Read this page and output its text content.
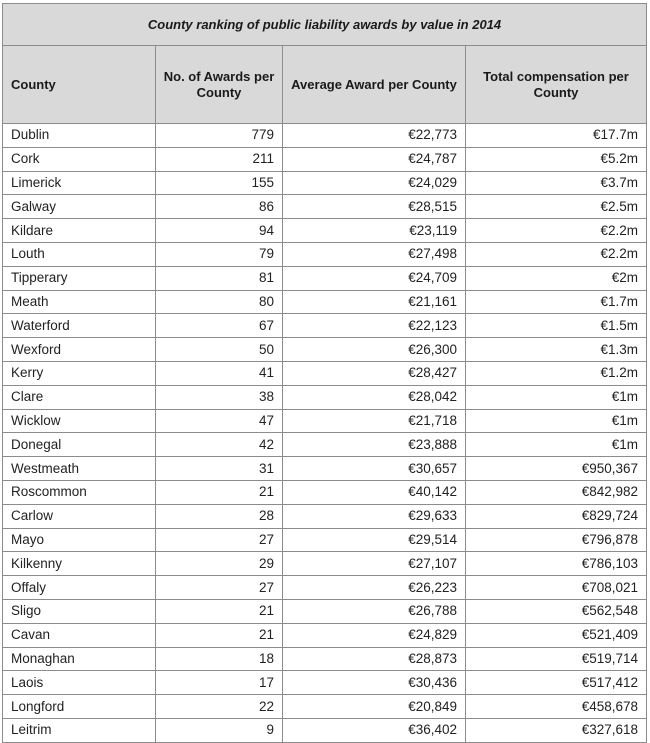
County ranking of public liability awards by value in 2014			
County	No. of Awards per County	Average Award per County	Total compensation per County
Dublin	779	€22,773	€17.7m
Cork	211	€24,787	€5.2m
Limerick	155	€24,029	€3.7m
Galway	86	€28,515	€2.5m
Kildare	94	€23,119	€2.2m
Louth	79	€27,498	€2.2m
Tipperary	81	€24,709	€2m
Meath	80	€21,161	€1.7m
Waterford	67	€22,123	€1.5m
Wexford	50	€26,300	€1.3m
Kerry	41	€28,427	€1.2m
Clare	38	€28,042	€1m
Wicklow	47	€21,718	€1m
Donegal	42	€23,888	€1m
Westmeath	31	€30,657	€950,367
Roscommon	21	€40,142	€842,982
Carlow	28	€29,633	€829,724
Mayo	27	€29,514	€796,878
Kilkenny	29	€27,107	€786,103
Offaly	27	€26,223	€708,021
Sligo	21	€26,788	€562,548
Cavan	21	€24,829	€521,409
Monaghan	18	€28,873	€519,714
Laois	17	€30,436	€517,412
Longford	22	€20,849	€458,678
Leitrim	9	€36,402	€327,618
